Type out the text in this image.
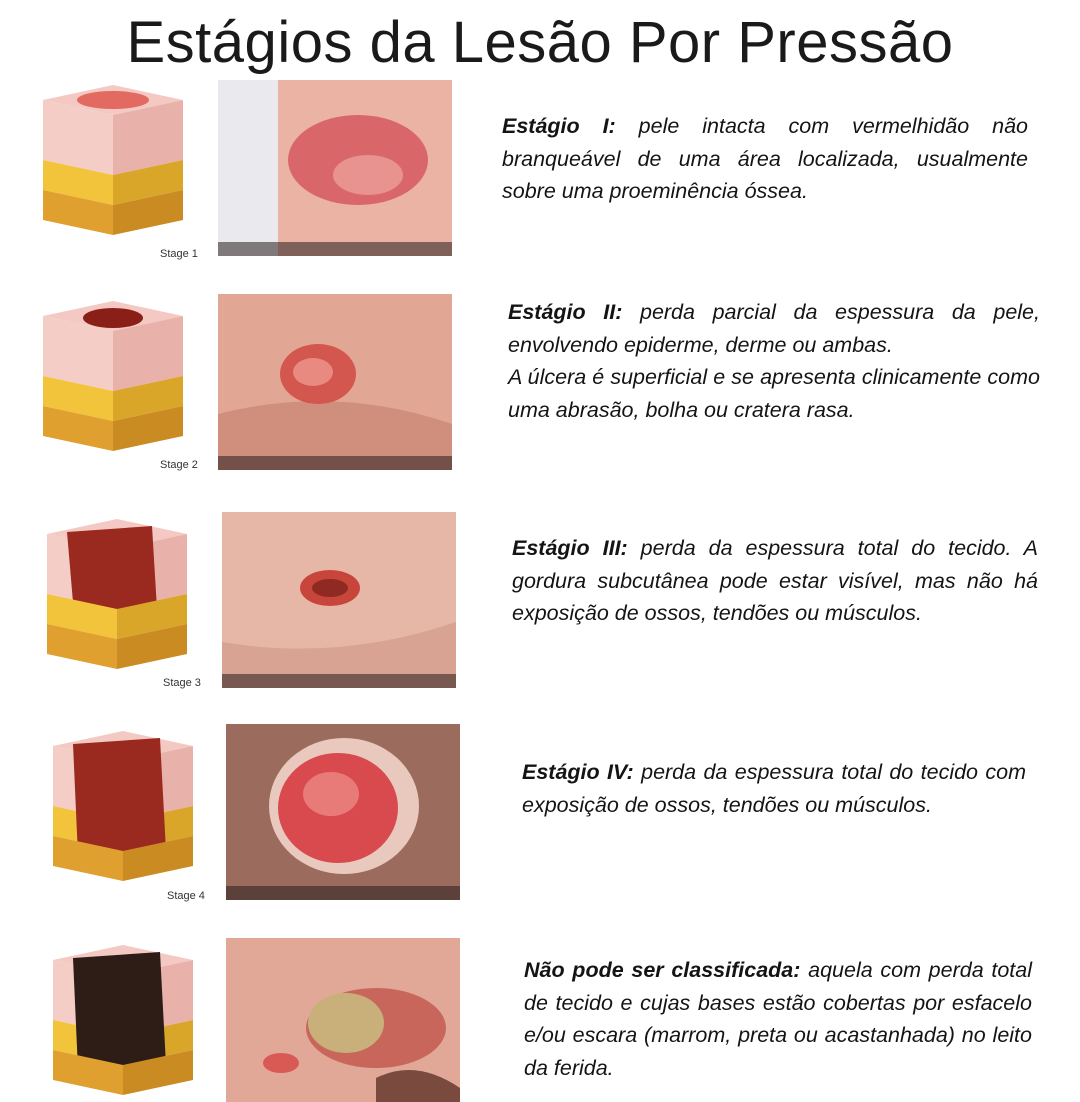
Estágios da Lesão Por Pressão
Stage 1
Estágio I: pele intacta com vermelhidão não branqueável de uma área localizada, usualmente sobre uma proeminência óssea.
Stage 2
Estágio II: perda parcial da espessura da pele, envolvendo epiderme, derme ou ambas.
A úlcera é superficial e se apresenta clinicamente como uma abrasão, bolha ou cratera rasa.
Stage 3
Estágio III: perda da espessura total do tecido. A gordura subcutânea pode estar visível, mas não há exposição de ossos, tendões ou músculos.
Stage 4
Estágio IV: perda da espessura total do tecido com exposição de ossos, tendões ou músculos.
Não pode ser classificada: aquela com perda total de tecido e cujas bases estão cobertas por esfacelo e/ou escara (marrom, preta ou acastanhada) no leito da ferida.
